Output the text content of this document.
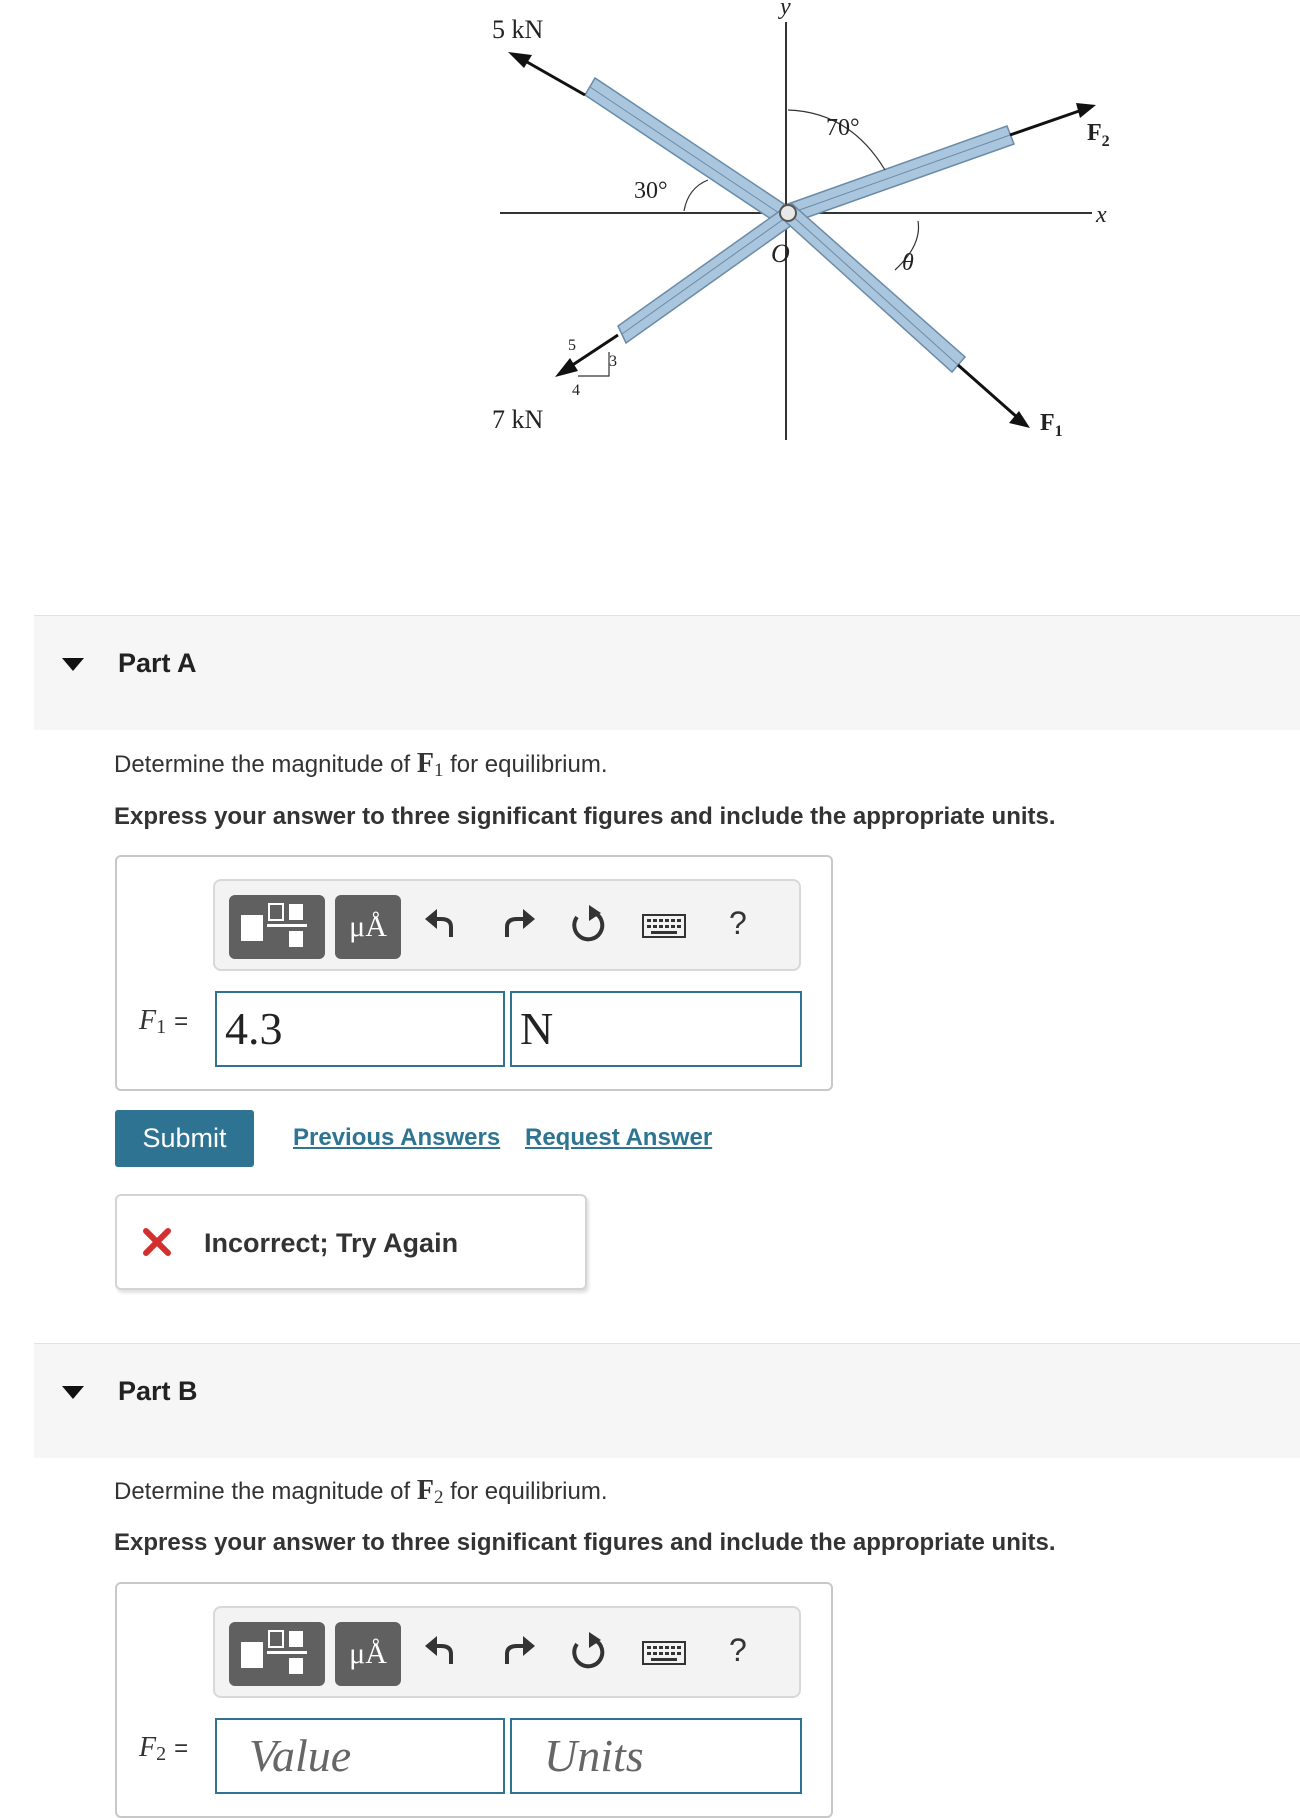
5 kN
7 kN
y
x
O
70°
30°
θ
$F_2$
$F_1$
5
4
3
Part A
Determine the magnitude of $F_1$ for equilibrium.
Express your answer to three significant figures and include the appropriate units.
μÅ	?
$F_1 = 4.3$	N
Submit	Previous Answers Request Answer
Incorrect; Try Again
Part B
Determine the magnitude of $F_2$ for equilibrium.
Express your answer to three significant figures and include the appropriate units.
μÅ	?
$F_2$ =	Value	Units
